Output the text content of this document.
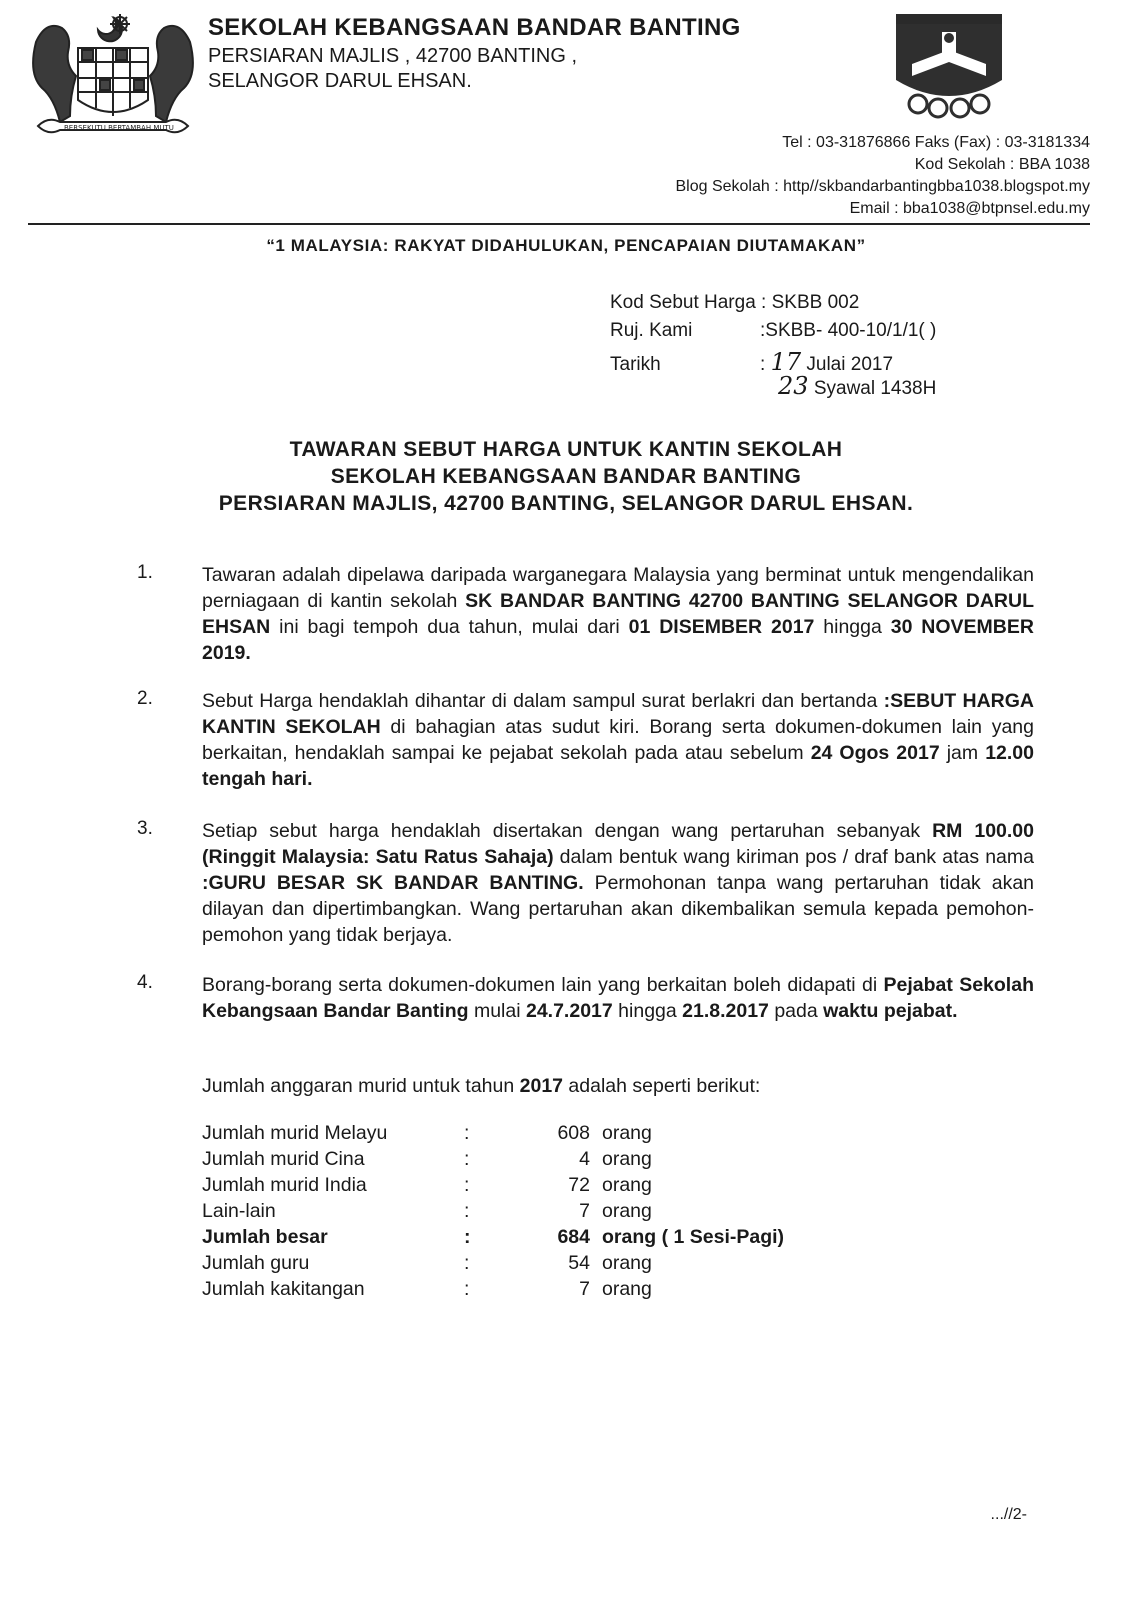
BERSEKUTU BERTAMBAH MUTU
SEKOLAH KEBANGSAAN BANDAR BANTING
PERSIARAN MAJLIS , 42700 BANTING ,
SELANGOR DARUL EHSAN.
Tel : 03-31876866 Faks (Fax) : 03-3181334
Kod Sekolah : BBA 1038
Blog Sekolah : http//skbandarbantingbba1038.blogspot.my
Email : bba1038@btpnsel.edu.my
“1 MALAYSIA: RAKYAT DIDAHULUKAN, PENCAPAIAN DIUTAMAKAN”
Kod Sebut Harga : SKBB 002
Ruj. Kami	:SKBB- 400-10/1/1( )
Tarikh	: 17 Julai 2017
23 Syawal 1438H
TAWARAN SEBUT HARGA UNTUK KANTIN SEKOLAH
SEKOLAH KEBANGSAAN BANDAR BANTING
PERSIARAN MAJLIS, 42700 BANTING, SELANGOR DARUL EHSAN.
1.	Tawaran adalah dipelawa daripada warganegara Malaysia yang berminat untuk mengendalikan perniagaan di kantin sekolah SK BANDAR BANTING 42700 BANTING SELANGOR DARUL EHSAN ini bagi tempoh dua tahun, mulai dari 01 DISEMBER 2017 hingga 30 NOVEMBER 2019.
2.	Sebut Harga hendaklah dihantar di dalam sampul surat berlakri dan bertanda :SEBUT HARGA KANTIN SEKOLAH di bahagian atas sudut kiri. Borang serta dokumen-dokumen lain yang berkaitan, hendaklah sampai ke pejabat sekolah pada atau sebelum 24 Ogos 2017 jam 12.00 tengah hari.
3.	Setiap sebut harga hendaklah disertakan dengan wang pertaruhan sebanyak RM 100.00 (Ringgit Malaysia: Satu Ratus Sahaja) dalam bentuk wang kiriman pos / draf bank atas nama :GURU BESAR SK BANDAR BANTING. Permohonan tanpa wang pertaruhan tidak akan dilayan dan dipertimbangkan. Wang pertaruhan akan dikembalikan semula kepada pemohon-pemohon yang tidak berjaya.
4.	Borang-borang serta dokumen-dokumen lain yang berkaitan boleh didapati di Pejabat Sekolah Kebangsaan Bandar Banting mulai 24.7.2017 hingga 21.8.2017 pada waktu pejabat.
Jumlah anggaran murid untuk tahun 2017 adalah seperti berikut:
Jumlah murid Melayu	:	608 orang
Jumlah murid Cina	:	4 orang
Jumlah murid India	:	72 orang
Lain-lain	:	7 orang
Jumlah besar	:	684 orang ( 1 Sesi-Pagi)
Jumlah guru	:	54 orang
Jumlah kakitangan	:	7 orang
...//2-
